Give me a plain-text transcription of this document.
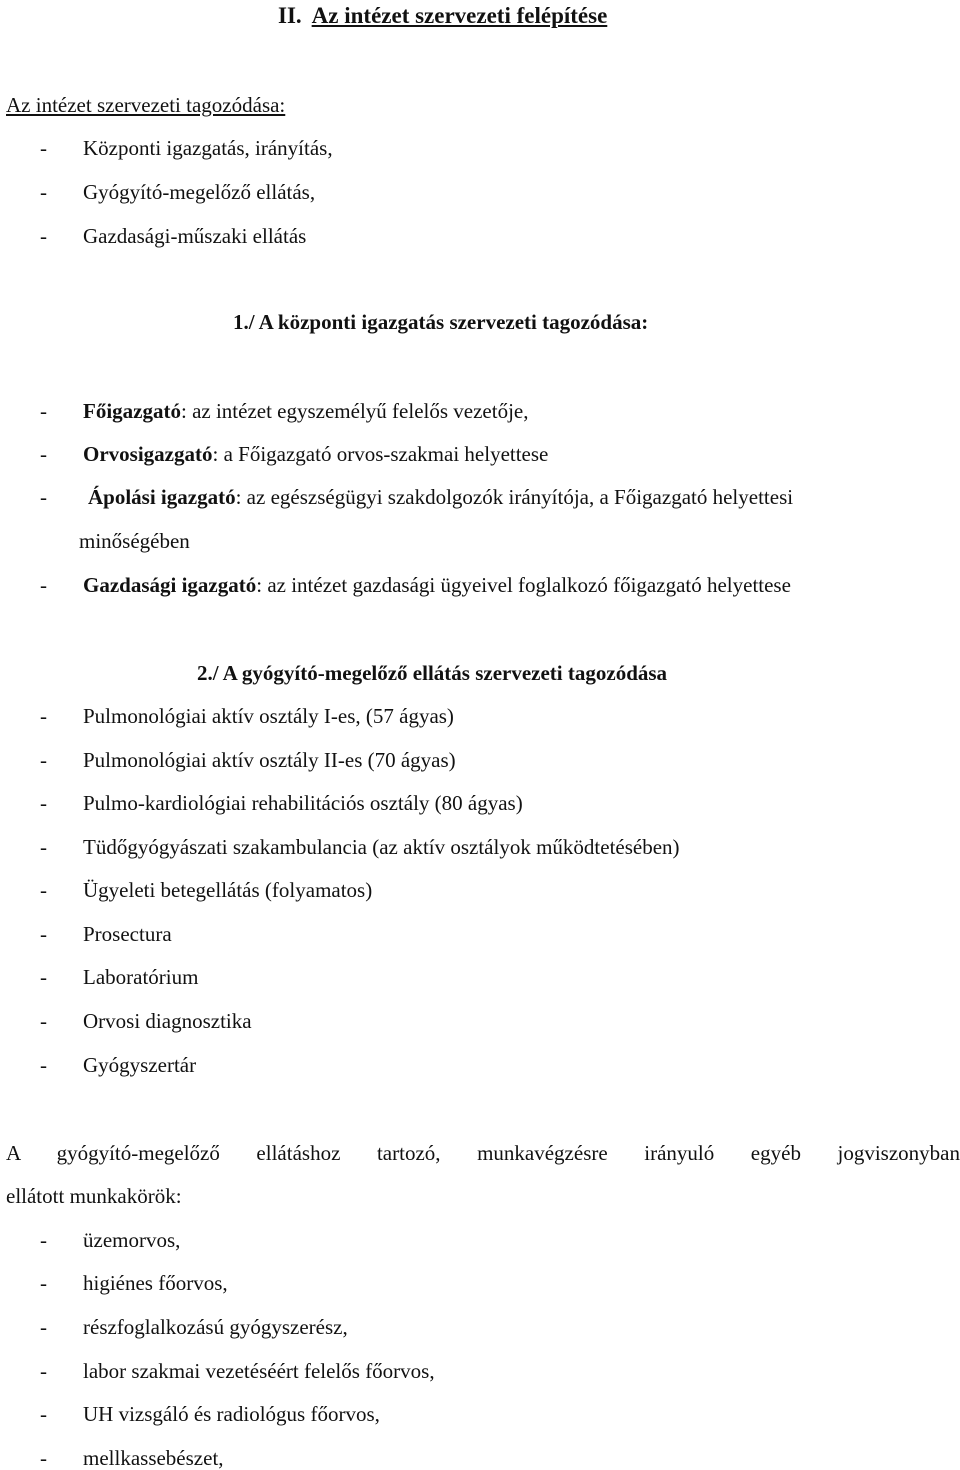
II. Az intézet szervezeti felépítése
Az intézet szervezeti tagozódása:
- Központi igazgatás, irányítás,
- Gyógyító-megelőző ellátás,
- Gazdasági-műszaki ellátás
1./ A központi igazgatás szervezeti tagozódása:
- Főigazgató: az intézet egyszemélyű felelős vezetője,
- Orvosigazgató: a Főigazgató orvos-szakmai helyettese
- Ápolási igazgató: az egészségügyi szakdolgozók irányítója, a Főigazgató helyettesi
minőségében
- Gazdasági igazgató: az intézet gazdasági ügyeivel foglalkozó főigazgató helyettese
2./ A gyógyító-megelőző ellátás szervezeti tagozódása
- Pulmonológiai aktív osztály I-es, (57 ágyas)
- Pulmonológiai aktív osztály II-es (70 ágyas)
- Pulmo-kardiológiai rehabilitációs osztály (80 ágyas)
- Tüdőgyógyászati szakambulancia (az aktív osztályok működtetésében)
- Ügyeleti betegellátás (folyamatos)
- Prosectura
- Laboratórium
- Orvosi diagnosztika
- Gyógyszertár
A gyógyító-megelőző ellátáshoz tartozó, munkavégzésre irányuló egyéb jogviszonyban
ellátott munkakörök:
- üzemorvos,
- higiénes főorvos,
- részfoglalkozású gyógyszerész,
- labor szakmai vezetéséért felelős főorvos,
- UH vizsgáló és radiológus főorvos,
- mellkassebészet,
